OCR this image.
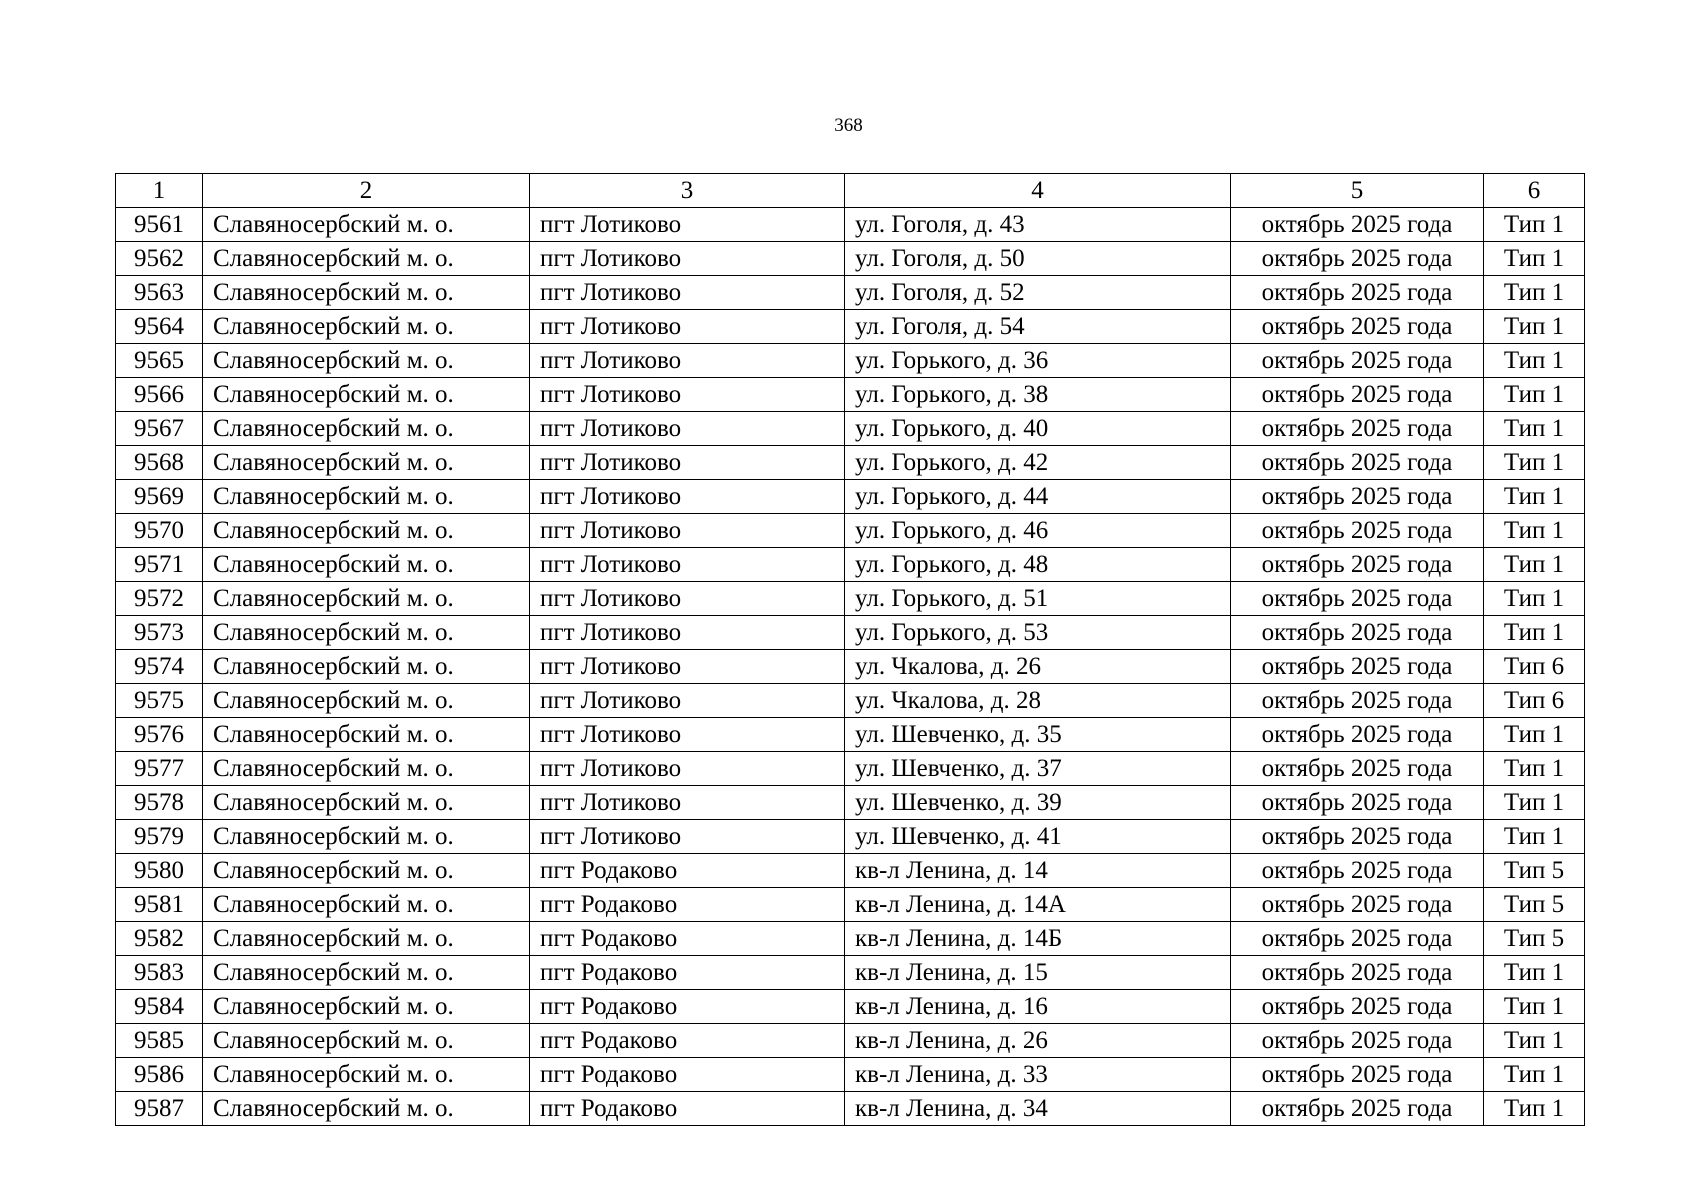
368
1	2	3	4	5	6
9561	Славяносербский м. о.	пгт Лотиково	ул. Гоголя, д. 43	октябрь 2025 года	Тип 1
9562	Славяносербский м. о.	пгт Лотиково	ул. Гоголя, д. 50	октябрь 2025 года	Тип 1
9563	Славяносербский м. о.	пгт Лотиково	ул. Гоголя, д. 52	октябрь 2025 года	Тип 1
9564	Славяносербский м. о.	пгт Лотиково	ул. Гоголя, д. 54	октябрь 2025 года	Тип 1
9565	Славяносербский м. о.	пгт Лотиково	ул. Горького, д. 36	октябрь 2025 года	Тип 1
9566	Славяносербский м. о.	пгт Лотиково	ул. Горького, д. 38	октябрь 2025 года	Тип 1
9567	Славяносербский м. о.	пгт Лотиково	ул. Горького, д. 40	октябрь 2025 года	Тип 1
9568	Славяносербский м. о.	пгт Лотиково	ул. Горького, д. 42	октябрь 2025 года	Тип 1
9569	Славяносербский м. о.	пгт Лотиково	ул. Горького, д. 44	октябрь 2025 года	Тип 1
9570	Славяносербский м. о.	пгт Лотиково	ул. Горького, д. 46	октябрь 2025 года	Тип 1
9571	Славяносербский м. о.	пгт Лотиково	ул. Горького, д. 48	октябрь 2025 года	Тип 1
9572	Славяносербский м. о.	пгт Лотиково	ул. Горького, д. 51	октябрь 2025 года	Тип 1
9573	Славяносербский м. о.	пгт Лотиково	ул. Горького, д. 53	октябрь 2025 года	Тип 1
9574	Славяносербский м. о.	пгт Лотиково	ул. Чкалова, д. 26	октябрь 2025 года	Тип 6
9575	Славяносербский м. о.	пгт Лотиково	ул. Чкалова, д. 28	октябрь 2025 года	Тип 6
9576	Славяносербский м. о.	пгт Лотиково	ул. Шевченко, д. 35	октябрь 2025 года	Тип 1
9577	Славяносербский м. о.	пгт Лотиково	ул. Шевченко, д. 37	октябрь 2025 года	Тип 1
9578	Славяносербский м. о.	пгт Лотиково	ул. Шевченко, д. 39	октябрь 2025 года	Тип 1
9579	Славяносербский м. о.	пгт Лотиково	ул. Шевченко, д. 41	октябрь 2025 года	Тип 1
9580	Славяносербский м. о.	пгт Родаково	кв-л Ленина, д. 14	октябрь 2025 года	Тип 5
9581	Славяносербский м. о.	пгт Родаково	кв-л Ленина, д. 14А	октябрь 2025 года	Тип 5
9582	Славяносербский м. о.	пгт Родаково	кв-л Ленина, д. 14Б	октябрь 2025 года	Тип 5
9583	Славяносербский м. о.	пгт Родаково	кв-л Ленина, д. 15	октябрь 2025 года	Тип 1
9584	Славяносербский м. о.	пгт Родаково	кв-л Ленина, д. 16	октябрь 2025 года	Тип 1
9585	Славяносербский м. о.	пгт Родаково	кв-л Ленина, д. 26	октябрь 2025 года	Тип 1
9586	Славяносербский м. о.	пгт Родаково	кв-л Ленина, д. 33	октябрь 2025 года	Тип 1
9587	Славяносербский м. о.	пгт Родаково	кв-л Ленина, д. 34	октябрь 2025 года	Тип 1
